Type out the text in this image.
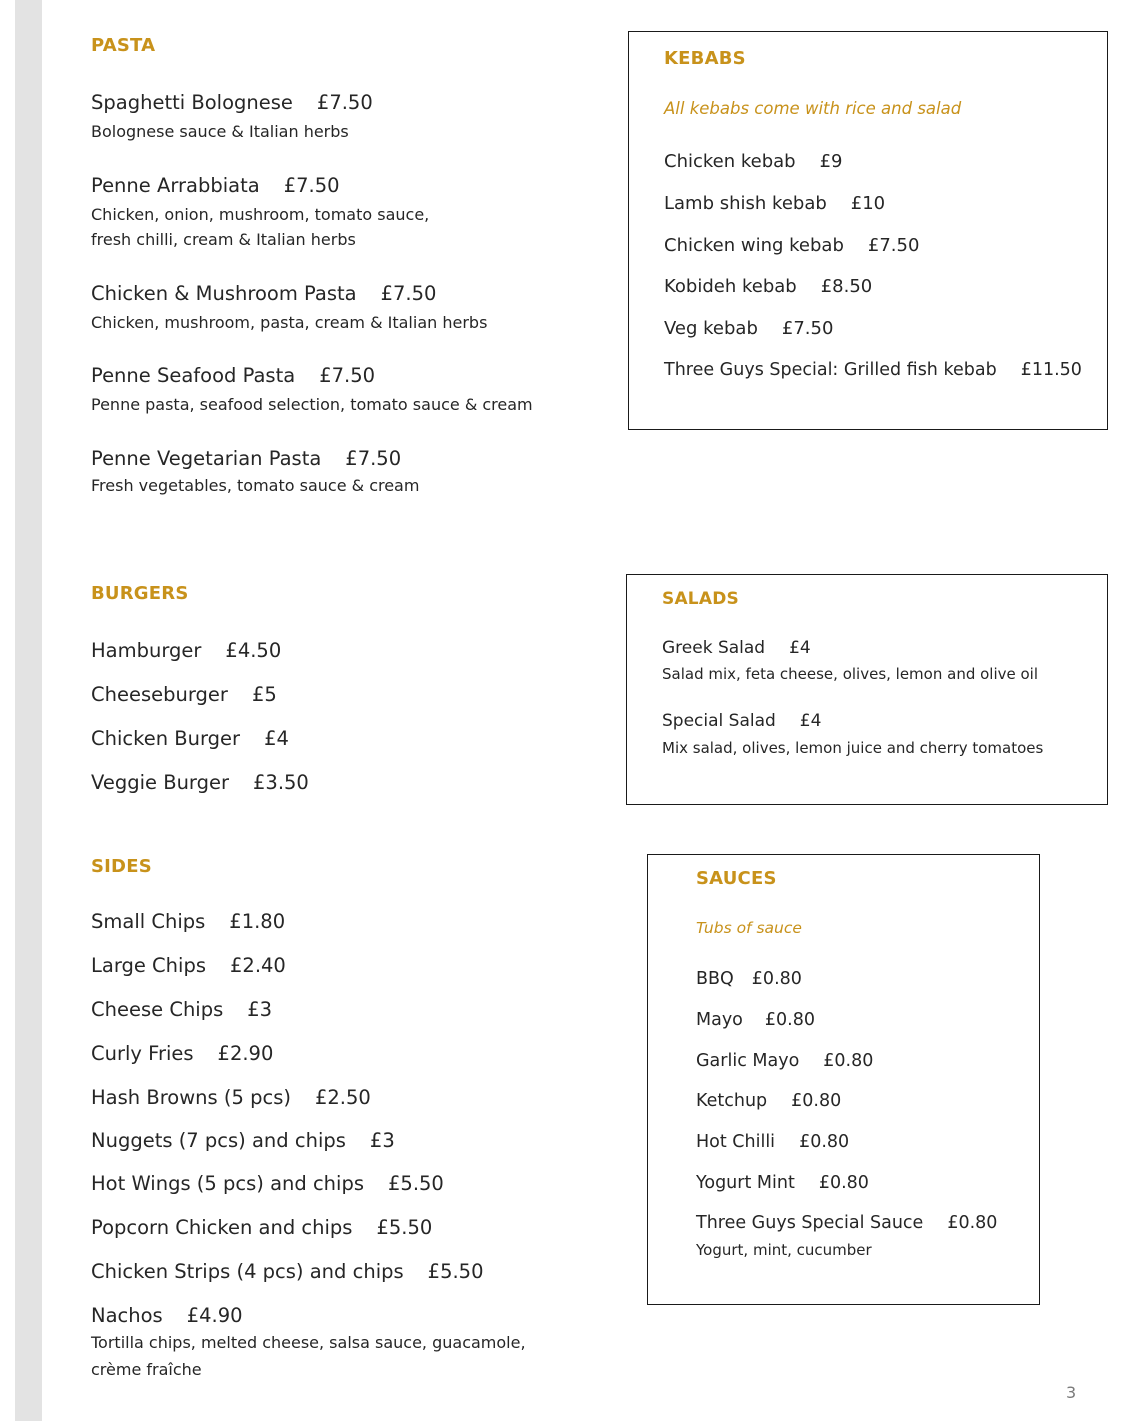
PASTA
Spaghetti Bolognese £7.50
Bolognese sauce & Italian herbs
Penne Arrabbiata £7.50
Chicken, onion, mushroom, tomato sauce,
fresh chilli, cream & Italian herbs
Chicken & Mushroom Pasta £7.50
Chicken, mushroom, pasta, cream & Italian herbs
Penne Seafood Pasta £7.50
Penne pasta, seafood selection, tomato sauce & cream
Penne Vegetarian Pasta £7.50
Fresh vegetables, tomato sauce & cream
BURGERS
Hamburger £4.50
Cheeseburger £5
Chicken Burger £4
Veggie Burger £3.50
SIDES
Small Chips £1.80
Large Chips £2.40
Cheese Chips £3
Curly Fries £2.90
Hash Browns (5 pcs) £2.50
Nuggets (7 pcs) and chips £3
Hot Wings (5 pcs) and chips £5.50
Popcorn Chicken and chips £5.50
Chicken Strips (4 pcs) and chips £5.50
Nachos £4.90
Tortilla chips, melted cheese, salsa sauce, guacamole,
crème fraîche
KEBABS
All kebabs come with rice and salad
Chicken kebab £9
Lamb shish kebab £10
Chicken wing kebab £7.50
Kobideh kebab £8.50
Veg kebab £7.50
Three Guys Special: Grilled fish kebab £11.50
SALADS
Greek Salad £4
Salad mix, feta cheese, olives, lemon and olive oil
Special Salad £4
Mix salad, olives, lemon juice and cherry tomatoes
SAUCES
Tubs of sauce
BBQ £0.80
Mayo £0.80
Garlic Mayo £0.80
Ketchup £0.80
Hot Chilli £0.80
Yogurt Mint £0.80
Three Guys Special Sauce £0.80
Yogurt, mint, cucumber
3
